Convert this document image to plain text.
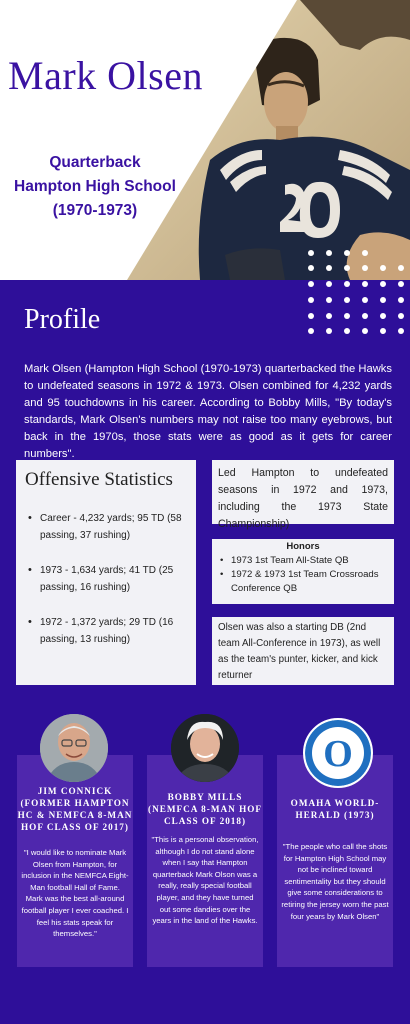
Mark Olsen
Quarterback
Hampton High School
(1970-1973)
Profile

Mark Olsen (Hampton High School (1970-1973) quarterbacked the Hawks to undefeated seasons in 1972 & 1973. Olsen combined for 4,232 yards and 95 touchdowns in his career. According to Bobby Mills, "By today's standards, Mark Olsen's numbers may not raise too many eyebrows, but back in the 1970s, those stats were as good as it gets for career numbers".

Offensive Statistics
• Career - 4,232 yards; 95 TD (58 passing, 37 rushing)
• 1973 - 1,634 yards; 41 TD (25 passing, 16 rushing)
• 1972 - 1,372 yards; 29 TD (16 passing, 13 rushing)

Led Hampton to undefeated seasons in 1972 and 1973, including the 1973 State Championship)

Honors
• 1973 1st Team All-State QB
• 1972 & 1973 1st Team Crossroads Conference QB

Olsen was also a starting DB (2nd team All-Conference in 1973), as well as the team's punter, kicker, and kick returner

JIM CONNICK (FORMER HAMPTON HC & NEMFCA 8-MAN HOF CLASS OF 2017)

"I would like to nominate Mark Olsen from Hampton, for inclusion in the NEMFCA Eight-Man football Hall of Fame. Mark was the best all-around football player I ever coached. I feel his stats speak for themselves."

BOBBY MILLS (NEMFCA 8-MAN HOF CLASS OF 2018)

"This is a personal observation, although I do not stand alone when I say that Hampton quarterback Mark Olson was a really, really special football player, and they have turned out some dandies over the years in the land of the Hawks.

OMAHA WORLD-HERALD (1973)

"The people who call the shots for Hampton High School may not be inclined toward sentimentality but they should give some considerations to retiring the jersey worn the past four years by Mark Olsen"

O
